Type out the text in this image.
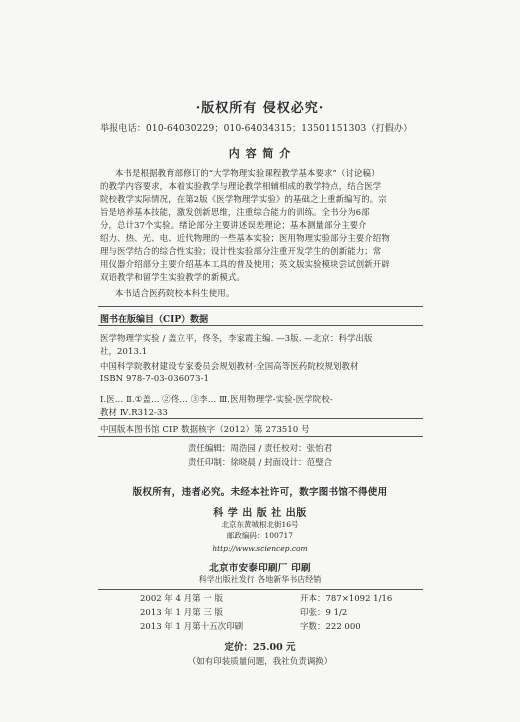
·版权所有 侵权必究·
举报电话：010-64030229；010-64034315；13501151303（打假办）
内 容 简 介
本书是根据教育部修订的“大学物理实验课程教学基本要求”（讨论稿）
的教学内容要求，本着实验教学与理论教学相辅相成的教学特点，结合医学
院校教学实际情况，在第2版《医学物理学实验》的基础之上重新编写的。宗
旨是培养基本技能，激发创新思维，注重综合能力的训练。全书分为6部
分，总计37个实验。绪论部分主要讲述误差理论；基本测量部分主要介
绍力、热、光、电、近代物理的一些基本实验；医用物理实验部分主要介绍物
理与医学结合的综合性实验；设计性实验部分注重开发学生的创新能力；常
用仪器介绍部分主要介绍基本工具的普及使用；英文版实验模块尝试创新开辟
双语教学和留学生实验教学的新模式。
本书适合医药院校本科生使用。
图书在版编目（CIP）数据
医学物理学实验 / 盖立平，佟冬，李家霞主编. —3版. —北京：科学出版
社，2013.1
中国科学院教材建设专家委员会规划教材·全国高等医药院校规划教材
ISBN 978-7-03-036073-1
Ⅰ.医… Ⅱ.①盖… ②佟… ③李… Ⅲ.医用物理学-实验-医学院校-
教材 Ⅳ.R312-33
中国版本图书馆 CIP 数据核字（2012）第 273510 号
责任编辑：周浩园 / 责任校对：张怡君
责任印制：徐晓晨 / 封面设计：范璧合
版权所有，违者必究。未经本社许可，数字图书馆不得使用
科 学 出 版 社 出版
北京东黄城根北街16号
邮政编码：100717
http://www.sciencep.com
北京市安泰印刷厂 印刷
科学出版社发行 各地新华书店经销
2002 年 4 月第 一 版	开本：787×1092 1/16
2013 年 1 月第 三 版	印张：9 1/2
2013 年 1 月第十五次印刷	字数：222 000
定价：25.00 元
（如有印装质量问题，我社负责调换）
